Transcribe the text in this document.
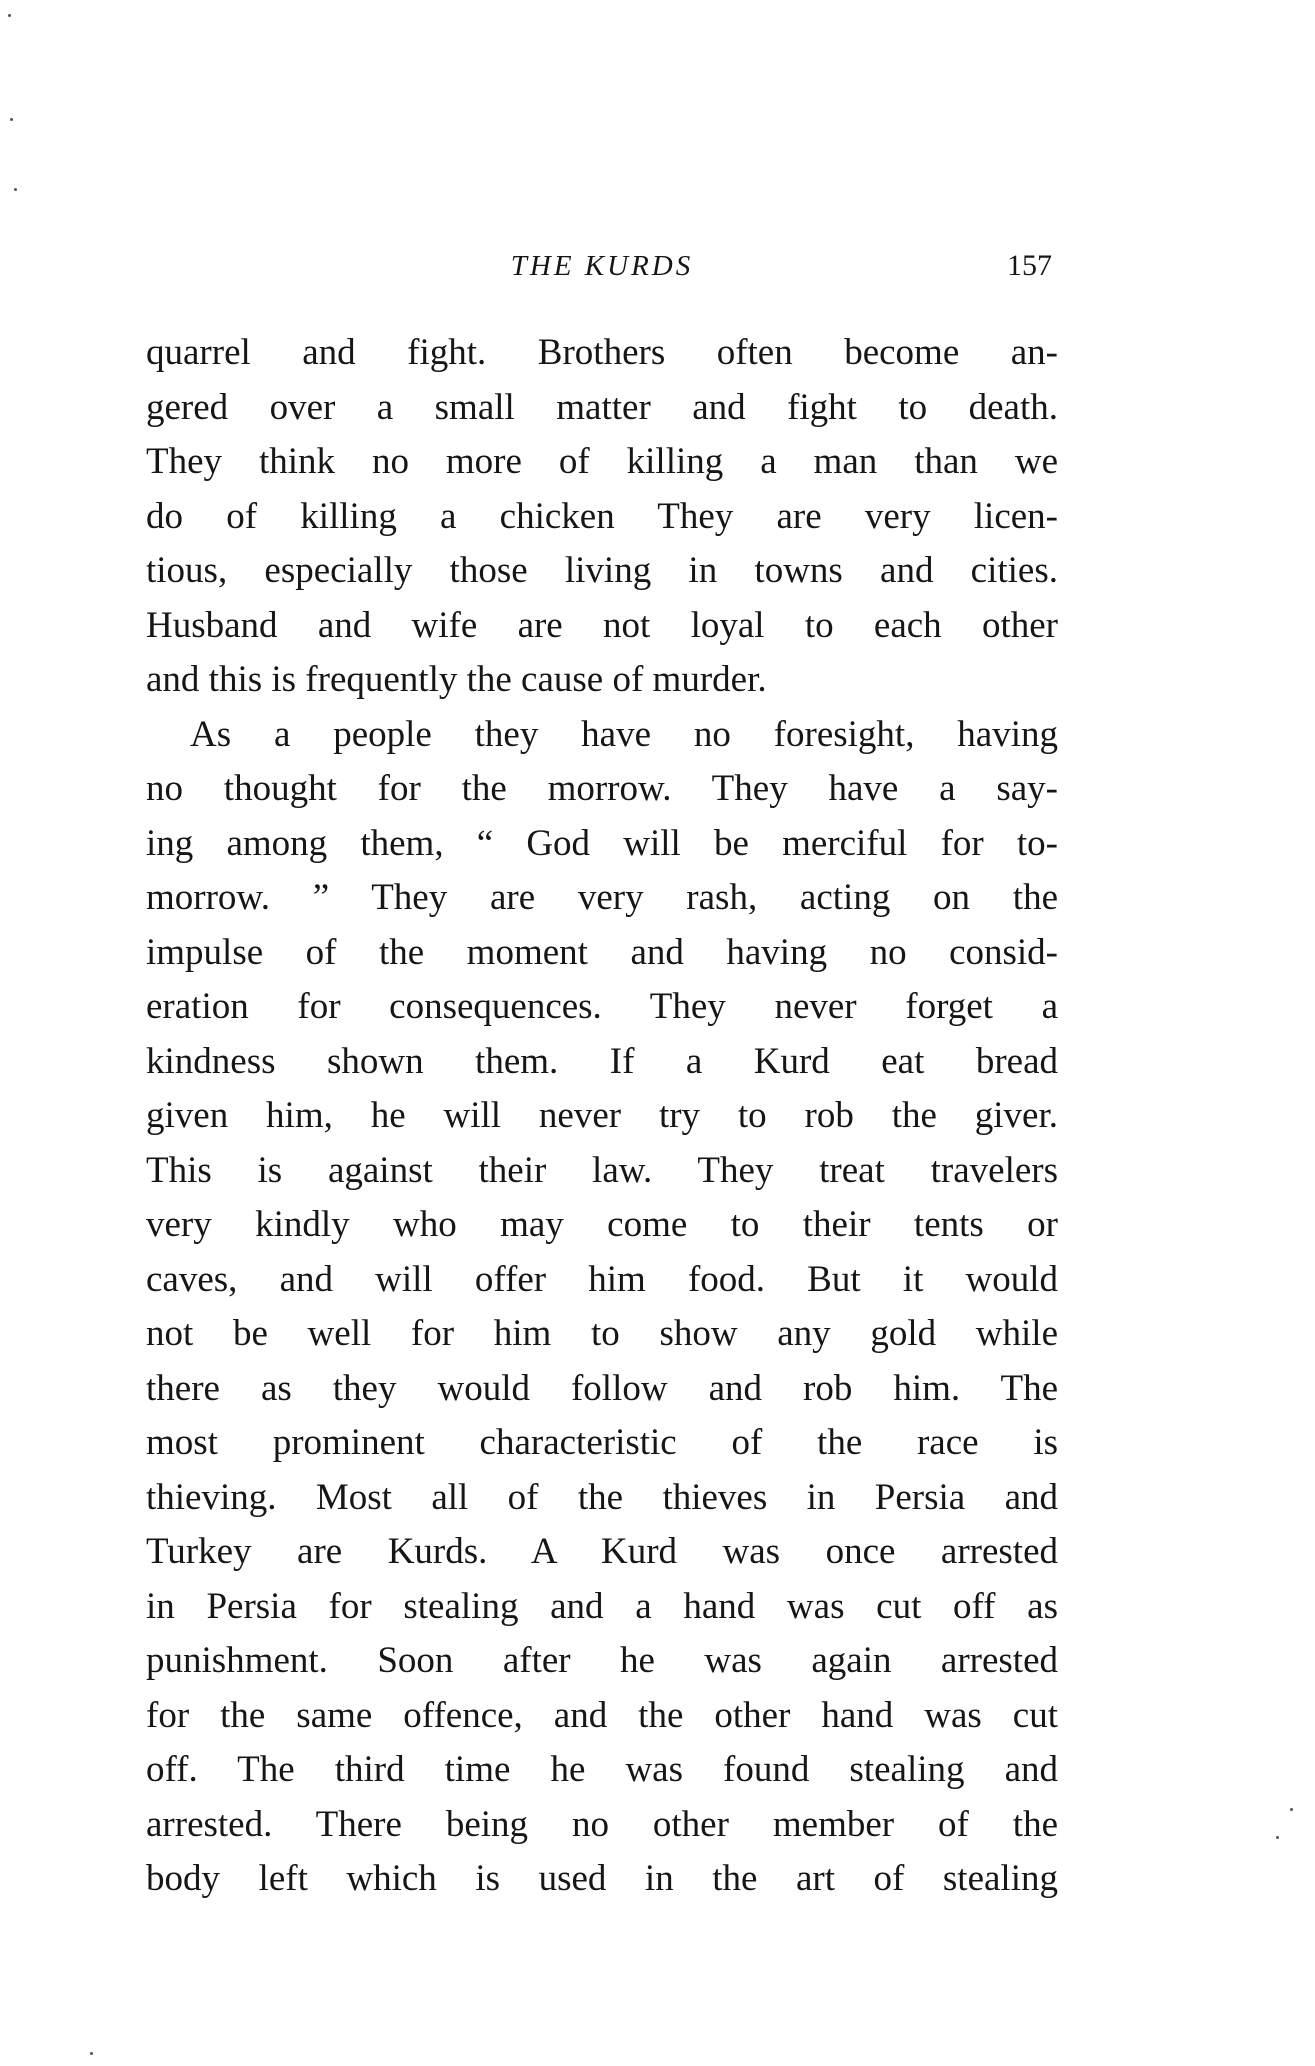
THE KURDS	157
quarrel and fight. Brothers often become an-
gered over a small matter and fight to death.
They think no more of killing a man than we
do of killing a chicken They are very licen-
tious, especially those living in towns and cities.
Husband and wife are not loyal to each other
and this is frequently the cause of murder.
As a people they have no foresight, having
no thought for the morrow. They have a say-
ing among them, “ God will be merciful for to-
morrow. ” They are very rash, acting on the
impulse of the moment and having no consid-
eration for consequences. They never forget a
kindness shown them. If a Kurd eat bread
given him, he will never try to rob the giver.
This is against their law. They treat travelers
very kindly who may come to their tents or
caves, and will offer him food. But it would
not be well for him to show any gold while
there as they would follow and rob him. The
most prominent characteristic of the race is
thieving. Most all of the thieves in Persia and
Turkey are Kurds. A Kurd was once arrested
in Persia for stealing and a hand was cut off as
punishment. Soon after he was again arrested
for the same offence, and the other hand was cut
off. The third time he was found stealing and
arrested. There being no other member of the
body left which is used in the art of stealing
